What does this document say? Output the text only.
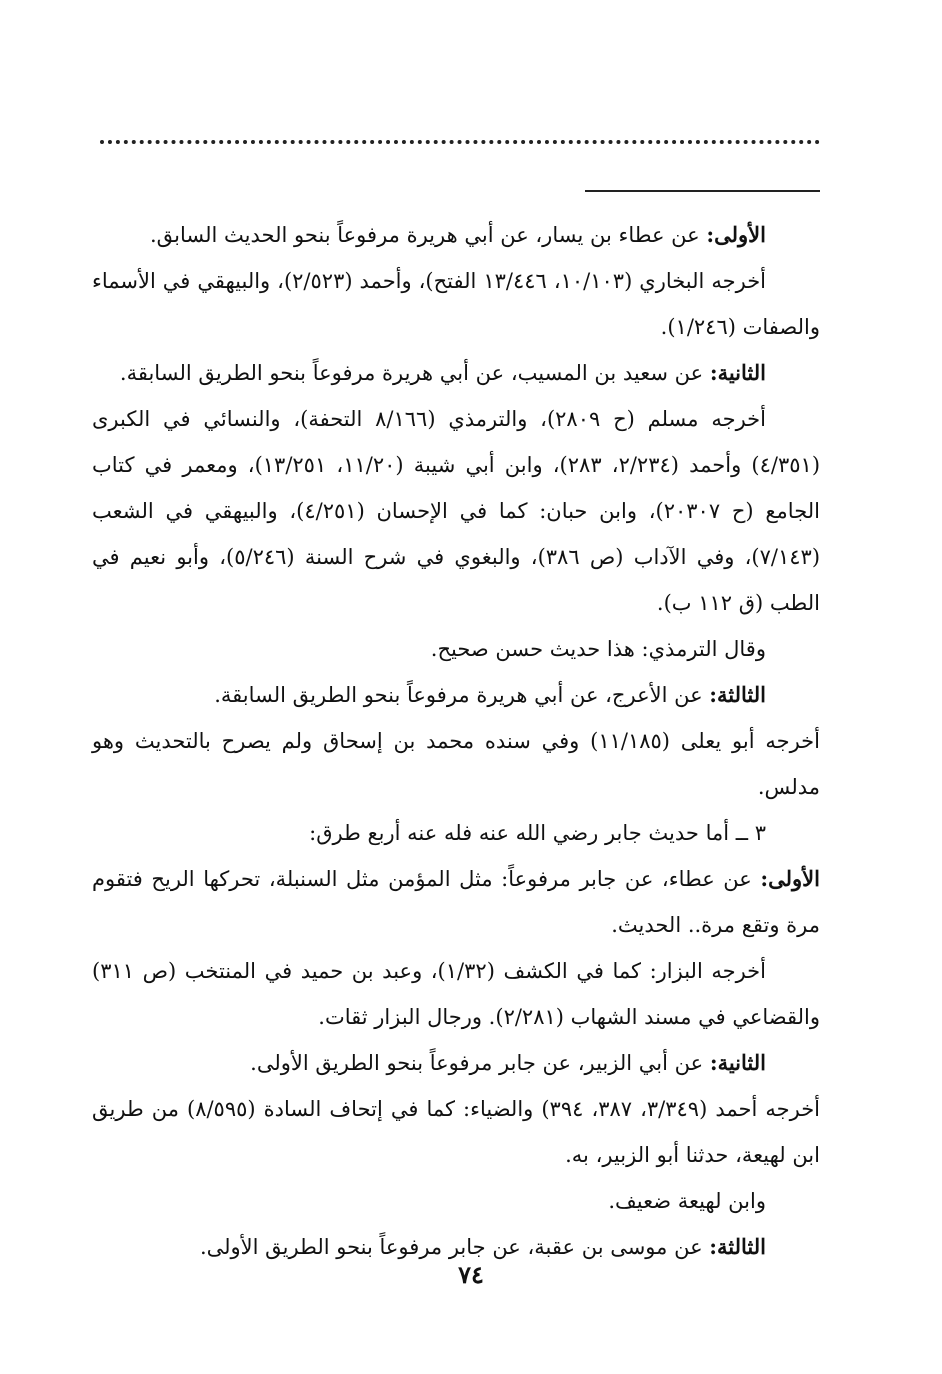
الأولى: عن عطاء بن يسار، عن أبي هريرة مرفوعاً بنحو الحديث السابق.

أخرجه البخاري (١٠/١٠٣، ١٣/٤٤٦ الفتح)، وأحمد (٢/٥٢٣)، والبيهقي في الأسماء والصفات (١/٢٤٦).

الثانية: عن سعيد بن المسيب، عن أبي هريرة مرفوعاً بنحو الطريق السابقة.

أخرجه مسلم (ح ٢٨٠٩)، والترمذي (٨/١٦٦ التحفة)، والنسائي في الكبرى (٤/٣٥١) وأحمد (٢/٢٣٤، ٢٨٣)، وابن أبي شيبة (١١/٢٠، ١٣/٢٥١)، ومعمر في كتاب الجامع (ح ٢٠٣٠٧)، وابن حبان: كما في الإحسان (٤/٢٥١)، والبيهقي في الشعب (٧/١٤٣)، وفي الآداب (ص ٣٨٦)، والبغوي في شرح السنة (٥/٢٤٦)، وأبو نعيم في الطب (ق ١١٢ ب).

وقال الترمذي: هذا حديث حسن صحيح.

الثالثة: عن الأعرج، عن أبي هريرة مرفوعاً بنحو الطريق السابقة.

أخرجه أبو يعلى (١١/١٨٥) وفي سنده محمد بن إسحاق ولم يصرح بالتحديث وهو مدلس.

٣ ــ أما حديث جابر رضي الله عنه فله عنه أربع طرق:

الأولى: عن عطاء، عن جابر مرفوعاً: مثل المؤمن مثل السنبلة، تحركها الريح فتقوم مرة وتقع مرة.. الحديث.

أخرجه البزار: كما في الكشف (١/٣٢)، وعبد بن حميد في المنتخب (ص ٣١١) والقضاعي في مسند الشهاب (٢/٢٨١). ورجال البزار ثقات.

الثانية: عن أبي الزبير، عن جابر مرفوعاً بنحو الطريق الأولى.

أخرجه أحمد (٣/٣٤٩، ٣٨٧، ٣٩٤) والضياء: كما في إتحاف السادة (٨/٥٩٥) من طريق ابن لهيعة، حدثنا أبو الزبير، به.

وابن لهيعة ضعيف.

الثالثة: عن موسى بن عقبة، عن جابر مرفوعاً بنحو الطريق الأولى.

٧٤
